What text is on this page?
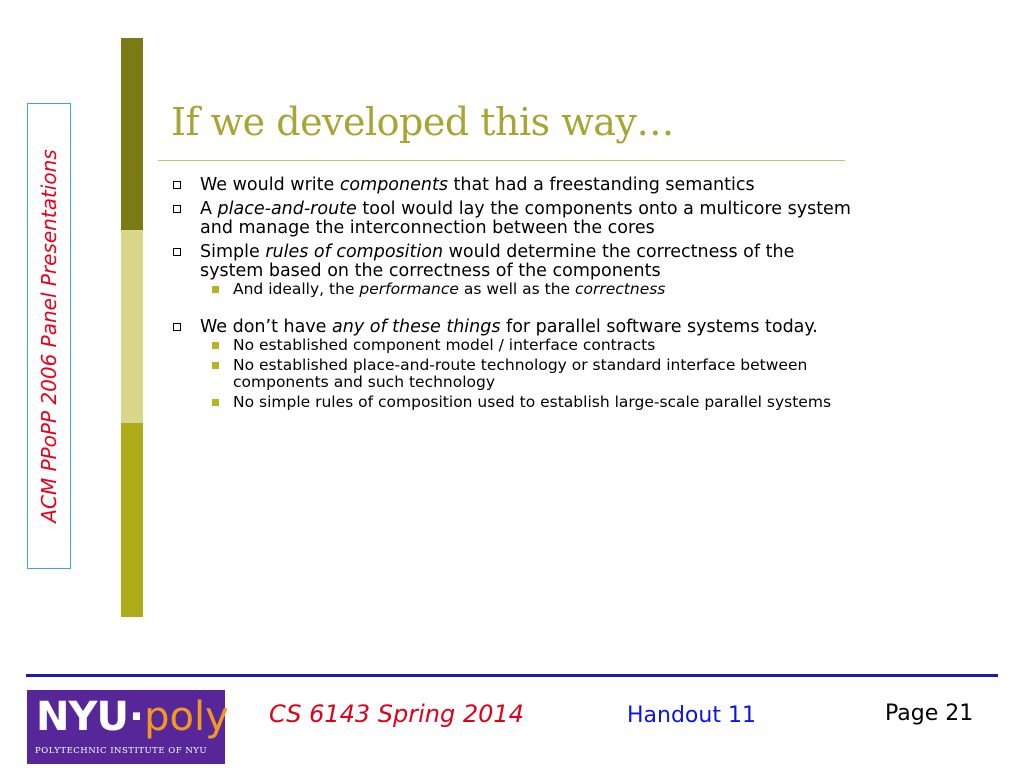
ACM PPoPP 2006 Panel Presentations
If we developed this way…
We would write components that had a freestanding semantics
A place-and-route tool would lay the components onto a multicore system and manage the interconnection between the cores
Simple rules of composition would determine the correctness of the system based on the correctness of the components
And ideally, the performance as well as the correctness
We don’t have any of these things for parallel software systems today.
No established component model / interface contracts
No established place-and-route technology or standard interface between components and such technology
No simple rules of composition used to establish large-scale parallel systems
NYU·poly
POLYTECHNIC INSTITUTE OF NYU
CS 6143 Spring 2014	Handout 11	Page 21
